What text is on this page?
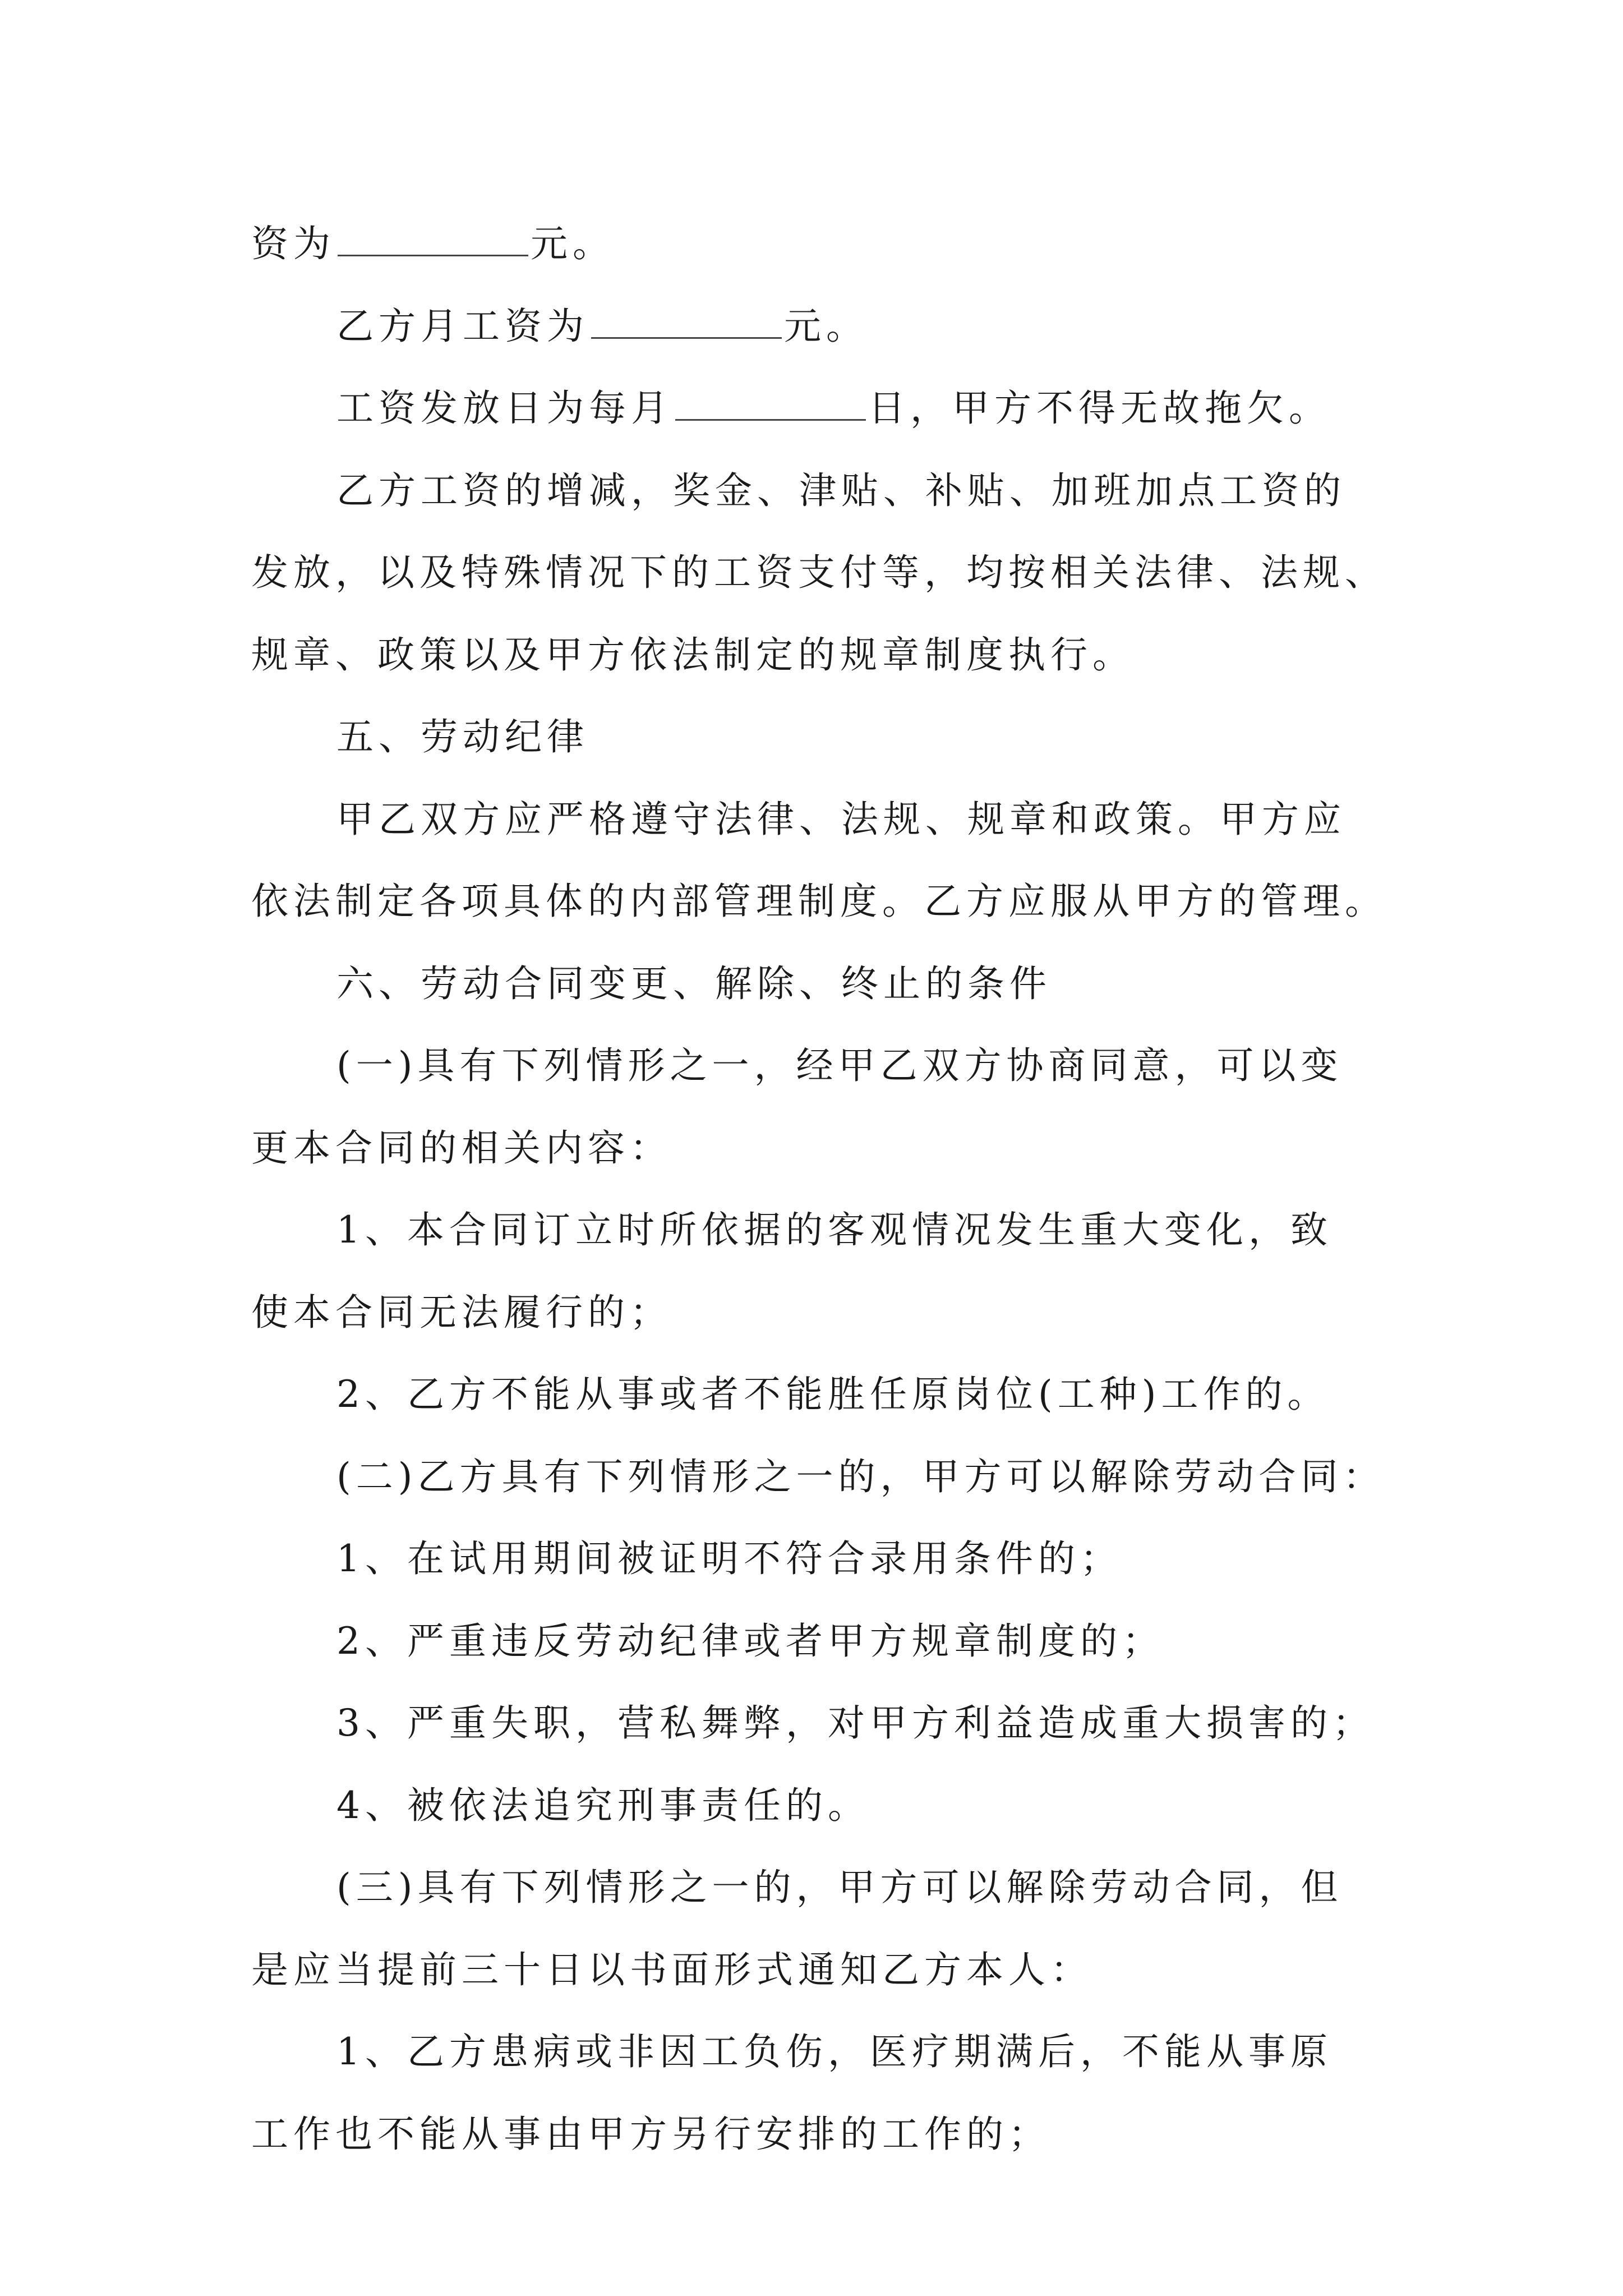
资为	元。
乙方月工资为	元。
工资发放日为每月	日，甲方不得无故拖欠。
乙方工资的增减，奖金、津贴、补贴、加班加点工资的
发放，以及特殊情况下的工资支付等，均按相关法律、法规、
规章、政策以及甲方依法制定的规章制度执行。
五、劳动纪律
甲乙双方应严格遵守法律、法规、规章和政策。甲方应
依法制定各项具体的内部管理制度。乙方应服从甲方的管理。
六、劳动合同变更、解除、终止的条件
(一)具有下列情形之一，经甲乙双方协商同意，可以变
更本合同的相关内容：
1、本合同订立时所依据的客观情况发生重大变化，致
使本合同无法履行的；
2、乙方不能从事或者不能胜任原岗位(工种)工作的。
(二)乙方具有下列情形之一的，甲方可以解除劳动合同：
1、在试用期间被证明不符合录用条件的；
2、严重违反劳动纪律或者甲方规章制度的；
3、严重失职，营私舞弊，对甲方利益造成重大损害的；
4、被依法追究刑事责任的。
(三)具有下列情形之一的，甲方可以解除劳动合同，但
是应当提前三十日以书面形式通知乙方本人：
1、乙方患病或非因工负伤，医疗期满后，不能从事原
工作也不能从事由甲方另行安排的工作的；
